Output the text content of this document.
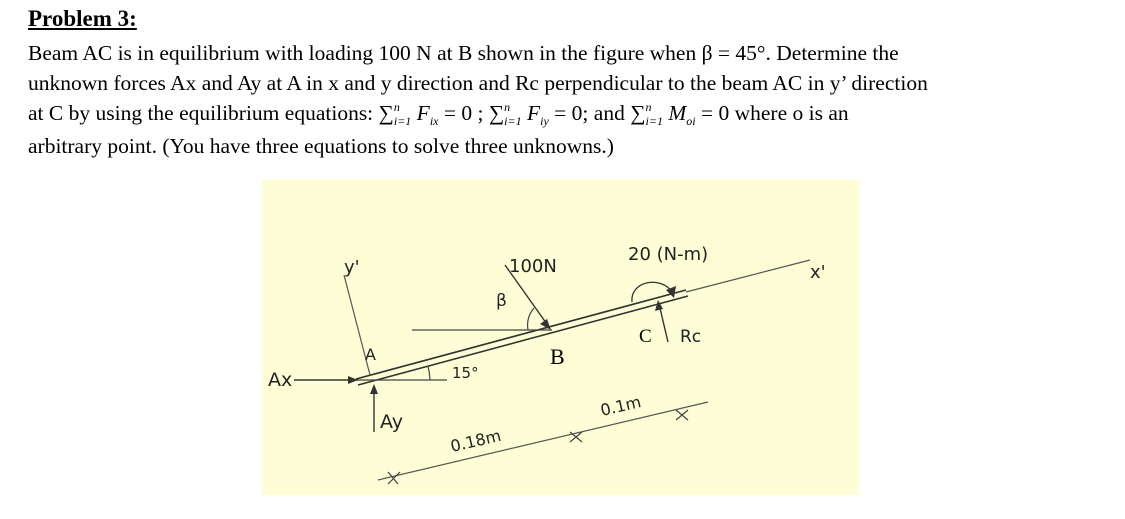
Problem 3:
Beam AC is in equilibrium with loading 100 N at B shown in the figure when β = 45°. Determine the
unknown forces Ax and Ay at A in x and y direction and Rc perpendicular to the beam AC in y’ direction
at C by using the equilibrium equations: ∑$^n_{i=1}$ $F_{ix} = 0$ ; ∑$^n_{i=1}$ $F_{iy} = 0$; and ∑$^n_{i=1}$ $M_{oi} = 0$ where o is an
arbitrary point. (You have three equations to solve three unknowns.)
y'	x'
100N
20 (N-m)
β
A	B
C
Ax
Ay
Rc
15°
0.18m
0.1m
